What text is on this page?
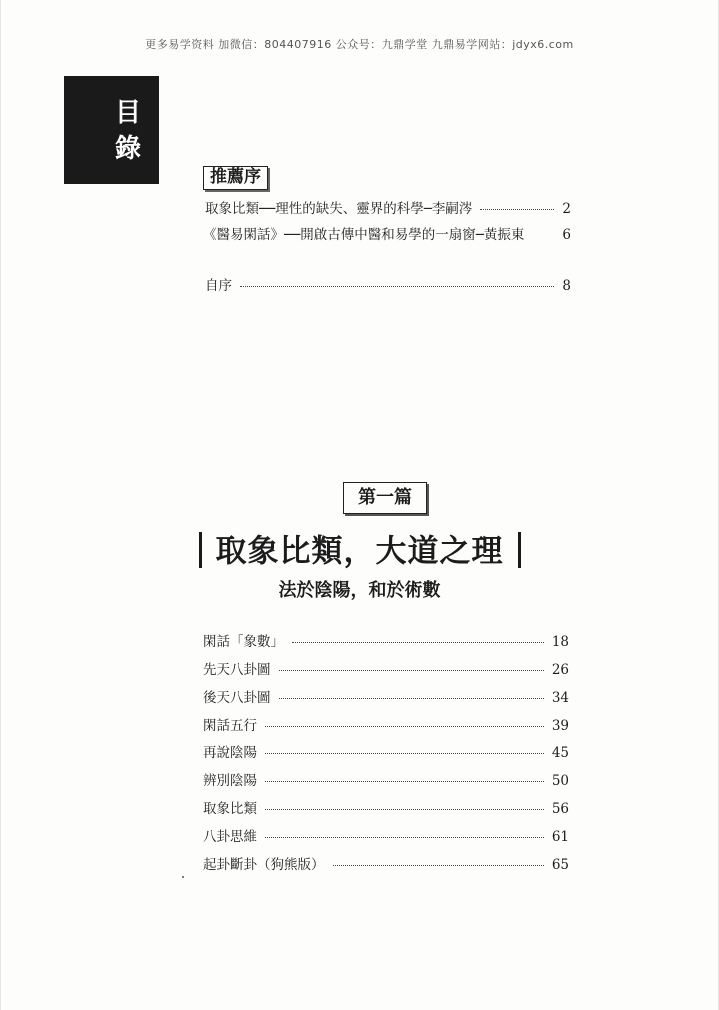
更多易学资料 加微信：804407916 公众号：九鼎学堂 九鼎易学网站：jdyx6.com
目
錄
推薦序
取象比類──理性的缺失、靈界的科學─李嗣涔	2
《醫易閑話》──開啟古傳中醫和易學的一扇窗─黃振東	6
自序	8
第一篇
取象比類，大道之理
法於陰陽，和於術數
閑話「象數」	18
先天八卦圖	26
後天八卦圖	34
閑話五行	39
再說陰陽	45
辨別陰陽	50
取象比類	56
八卦思維	61
起卦斷卦（狗熊版）	65
